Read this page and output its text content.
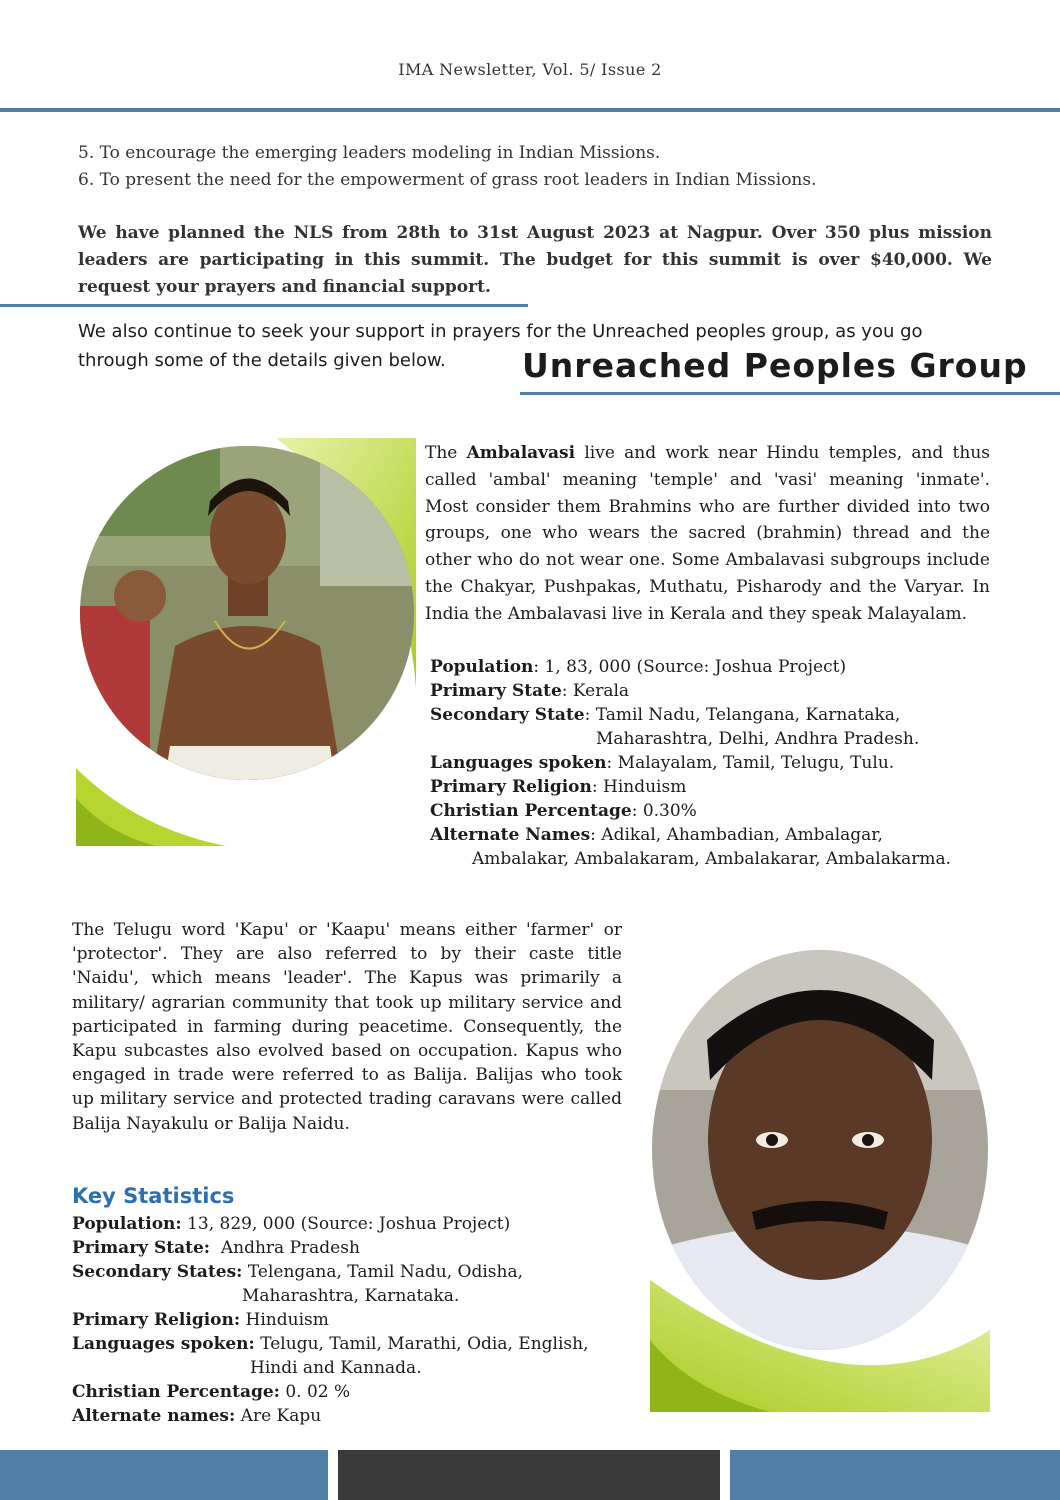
IMA Newsletter, Vol. 5/ Issue 2
5. To encourage the emerging leaders modeling in Indian Missions.
6. To present the need for the empowerment of grass root leaders in Indian Missions.
We have planned the NLS from 28th to 31st August 2023 at Nagpur. Over 350 plus mission leaders are participating in this summit. The budget for this summit is over $40,000. We request your prayers and financial support.
We also continue to seek your support in prayers for the Unreached peoples group, as you go through some of the details given below.	Unreached Peoples Group
The Ambalavasi live and work near Hindu temples, and thus called 'ambal' meaning 'temple' and 'vasi' meaning 'inmate'. Most consider them Brahmins who are further divided into two groups, one who wears the sacred (brahmin) thread and the other who do not wear one. Some Ambalavasi subgroups include the Chakyar, Pushpakas, Muthatu, Pisharody and the Varyar. In India the Ambalavasi live in Kerala and they speak Malayalam.
Population: 1, 83, 000 (Source: Joshua Project)
Primary State: Kerala
Secondary State: Tamil Nadu, Telangana, Karnataka,
Maharashtra, Delhi, Andhra Pradesh.
Languages spoken: Malayalam, Tamil, Telugu, Tulu.
Primary Religion: Hinduism
Christian Percentage: 0.30%
Alternate Names: Adikal, Ahambadian, Ambalagar,
Ambalakar, Ambalakaram, Ambalakarar, Ambalakarma.
The Telugu word 'Kapu' or 'Kaapu' means either 'farmer' or 'protector'. They are also referred to by their caste title 'Naidu', which means 'leader'. The Kapus was primarily a military/ agrarian community that took up military service and participated in farming during peacetime. Consequently, the Kapu subcastes also evolved based on occupation. Kapus who engaged in trade were referred to as Balija. Balijas who took up military service and protected trading caravans were called Balija Nayakulu or Balija Naidu.
Key Statistics
Population: 13, 829, 000 (Source: Joshua Project)
Primary State:  Andhra Pradesh
Secondary States: Telengana, Tamil Nadu, Odisha,
Maharashtra, Karnataka.
Primary Religion: Hinduism
Languages spoken: Telugu, Tamil, Marathi, Odia, English,
Hindi and Kannada.
Christian Percentage: 0. 02 %
Alternate names: Are Kapu
